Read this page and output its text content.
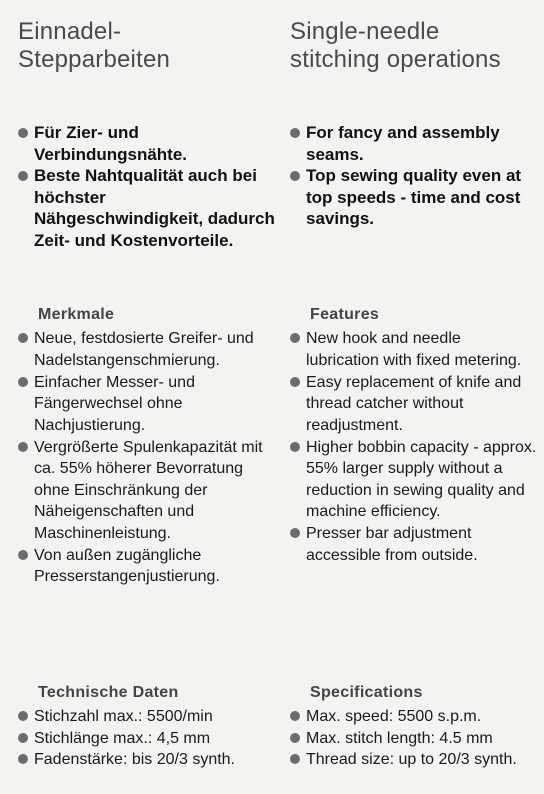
Einnadel-
Stepparbeiten
Für Zier- und Verbindungsnähte.
Beste Nahtqualität auch bei höchster Nähgeschwindigkeit, dadurch Zeit- und Kostenvorteile.
Merkmale
Neue, festdosierte Greifer- und Nadelstangenschmierung.
Einfacher Messer- und Fängerwechsel ohne Nachjustierung.
Vergrößerte Spulenkapazität mit ca. 55% höherer Bevorratung ohne Einschränkung der Näheigenschaften und Maschinenleistung.
Von außen zugängliche Presserstangenjustierung.
Technische Daten
Stichzahl max.: 5500/min
Stichlänge max.: 4,5 mm
Fadenstärke: bis 20/3 synth.
Single-needle
stitching operations
For fancy and assembly seams.
Top sewing quality even at top speeds - time and cost savings.
Features
New hook and needle lubrication with fixed metering.
Easy replacement of knife and thread catcher without readjustment.
Higher bobbin capacity - approx. 55% larger supply without a reduction in sewing quality and machine efficiency.
Presser bar adjustment accessible from outside.
Specifications
Max. speed: 5500 s.p.m.
Max. stitch length: 4.5 mm
Thread size: up to 20/3 synth.
